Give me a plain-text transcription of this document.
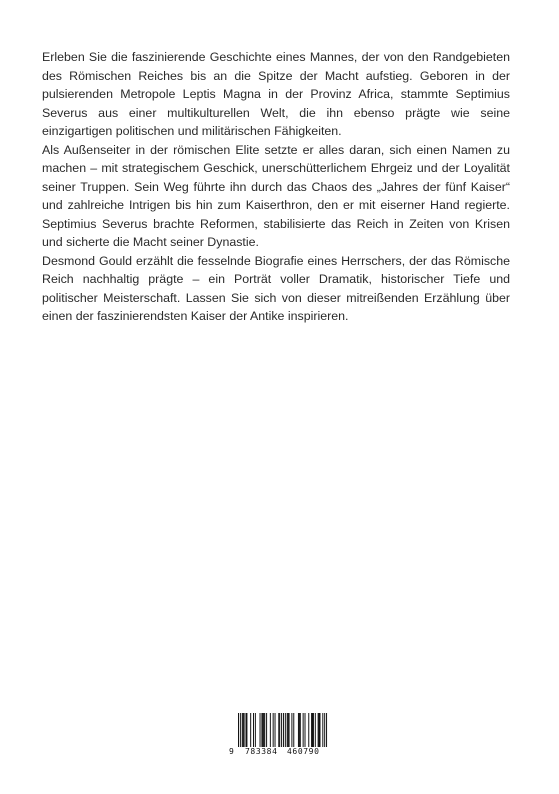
Erleben Sie die faszinierende Geschichte eines Mannes, der von den Randgebieten des Römischen Reiches bis an die Spitze der Macht aufstieg. Geboren in der pulsierenden Metropole Leptis Magna in der Provinz Africa, stammte Septimius Severus aus einer multikulturellen Welt, die ihn ebenso prägte wie seine einzigartigen politischen und militärischen Fähigkeiten.

Als Außenseiter in der römischen Elite setzte er alles daran, sich einen Namen zu machen – mit strategischem Geschick, unerschütterlichem Ehrgeiz und der Loyalität seiner Truppen. Sein Weg führte ihn durch das Chaos des „Jahres der fünf Kaiser“ und zahlreiche Intrigen bis hin zum Kaiserthron, den er mit eiserner Hand regierte. Septimius Severus brachte Reformen, stabilisierte das Reich in Zeiten von Krisen und sicherte die Macht seiner Dynastie.

Desmond Gould erzählt die fesselnde Biografie eines Herrschers, der das Römische Reich nachhaltig prägte – ein Porträt voller Dramatik, historischer Tiefe und politischer Meisterschaft. Lassen Sie sich von dieser mitreißenden Erzählung über einen der faszinierendsten Kaiser der Antike inspirieren.

9 783384 460790
